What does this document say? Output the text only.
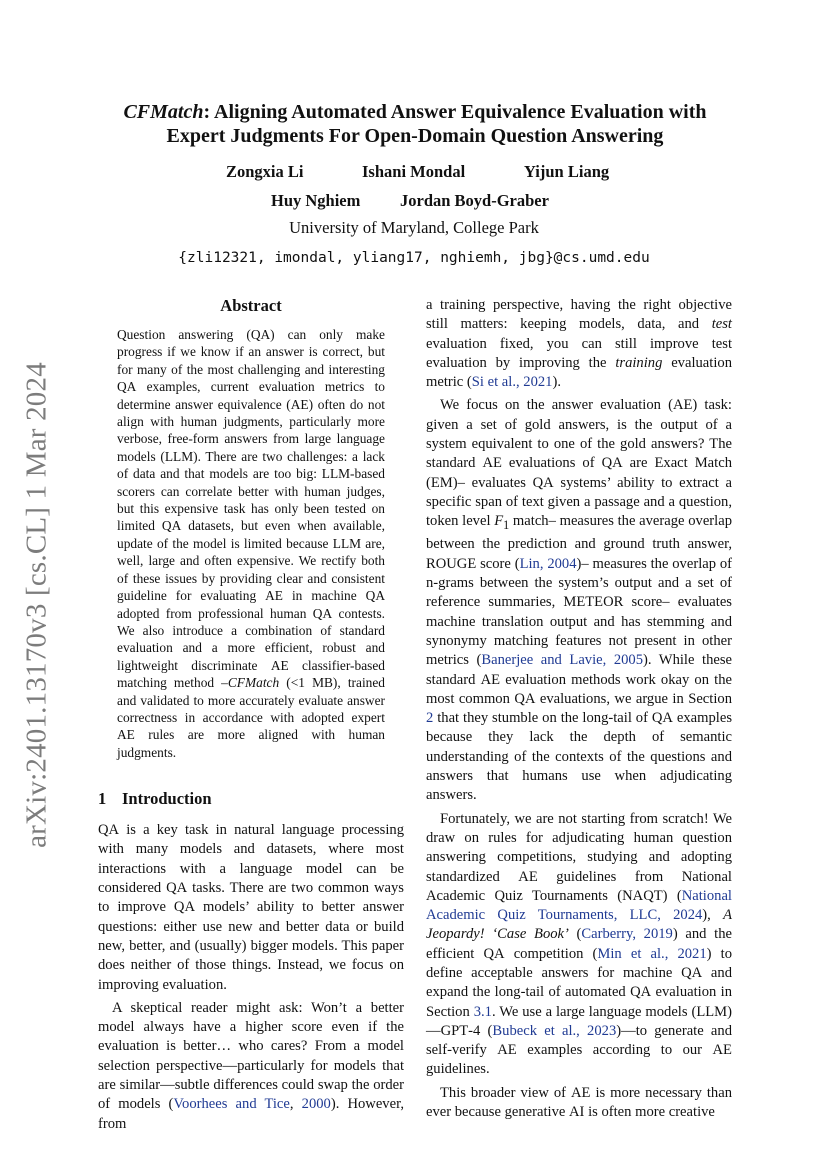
arXiv:2401.13170v3 [cs.CL] 1 Mar 2024
CFMatch: Aligning Automated Answer Equivalence Evaluation with
Expert Judgments For Open-Domain Question Answering
Zongxia Li	Ishani Mondal	Yijun Liang
Huy Nghiem Jordan Boyd-Graber
University of Maryland, College Park
{zli12321, imondal, yliang17, nghiemh, jbg}@cs.umd.edu
Abstract
Question answering (QA) can only make progress if we know if an answer is correct, but for many of the most challenging and interesting QA examples, current evaluation metrics to determine answer equivalence (AE) often do not align with human judgments, particularly more verbose, free-form answers from large language models (LLM). There are two challenges: a lack of data and that models are too big: LLM-based scorers can correlate better with human judges, but this expensive task has only been tested on limited QA datasets, but even when available, update of the model is limited because LLM are, well, large and often expensive. We rectify both of these issues by providing clear and consistent guideline for evaluating AE in machine QA adopted from professional human QA contests. We also introduce a combination of standard evaluation and a more efficient, robust and lightweight discriminate AE classifier-based matching method –CFMatch (<1 MB), trained and validated to more accurately evaluate answer correctness in accordance with adopted expert AE rules are more aligned with human judgments.
1 Introduction

QA is a key task in natural language processing with many models and datasets, where most interactions with a language model can be considered QA tasks. There are two common ways to improve QA models’ ability to better answer questions: either use new and better data or build new, better, and (usually) bigger models. This paper does neither of those things. Instead, we focus on improving evaluation.

A skeptical reader might ask: Won’t a better model always have a higher score even if the evaluation is better… who cares? From a model selection perspective—particularly for models that are similar—subtle differences could swap the order of models (Voorhees and Tice, 2000). However, from

a training perspective, having the right objective still matters: keeping models, data, and test evaluation fixed, you can still improve test evaluation by improving the training evaluation metric (Si et al., 2021).

We focus on the answer evaluation (AE) task: given a set of gold answers, is the output of a system equivalent to one of the gold answers? The standard AE evaluations of QA are Exact Match (EM)– evaluates QA systems’ ability to extract a specific span of text given a passage and a question, token level $F_1$ match– measures the average overlap between the prediction and ground truth answer, ROUGE score (Lin, 2004)– measures the overlap of n-grams between the system’s output and a set of reference summaries, METEOR score– evaluates machine translation output and has stemming and synonymy matching features not present in other metrics (Banerjee and Lavie, 2005). While these standard AE evaluation methods work okay on the most common QA evaluations, we argue in Section 2 that they stumble on the long-tail of QA examples because they lack the depth of semantic understanding of the contexts of the questions and answers that humans use when adjudicating answers.

Fortunately, we are not starting from scratch! We draw on rules for adjudicating human question answering competitions, studying and adopting standardized AE guidelines from National Academic Quiz Tournaments (NAQT) (National Academic Quiz Tournaments, LLC, 2024), A Jeopardy! ‘Case Book’ (Carberry, 2019) and the efficient QA competition (Min et al., 2021) to define acceptable answers for machine QA and expand the long-tail of automated QA evaluation in Section 3.1. We use a large language models (LLM)—GPT-4 (Bubeck et al., 2023)—to generate and self-verify AE examples according to our AE guidelines.

This broader view of AE is more necessary than ever because generative AI is often more creative
